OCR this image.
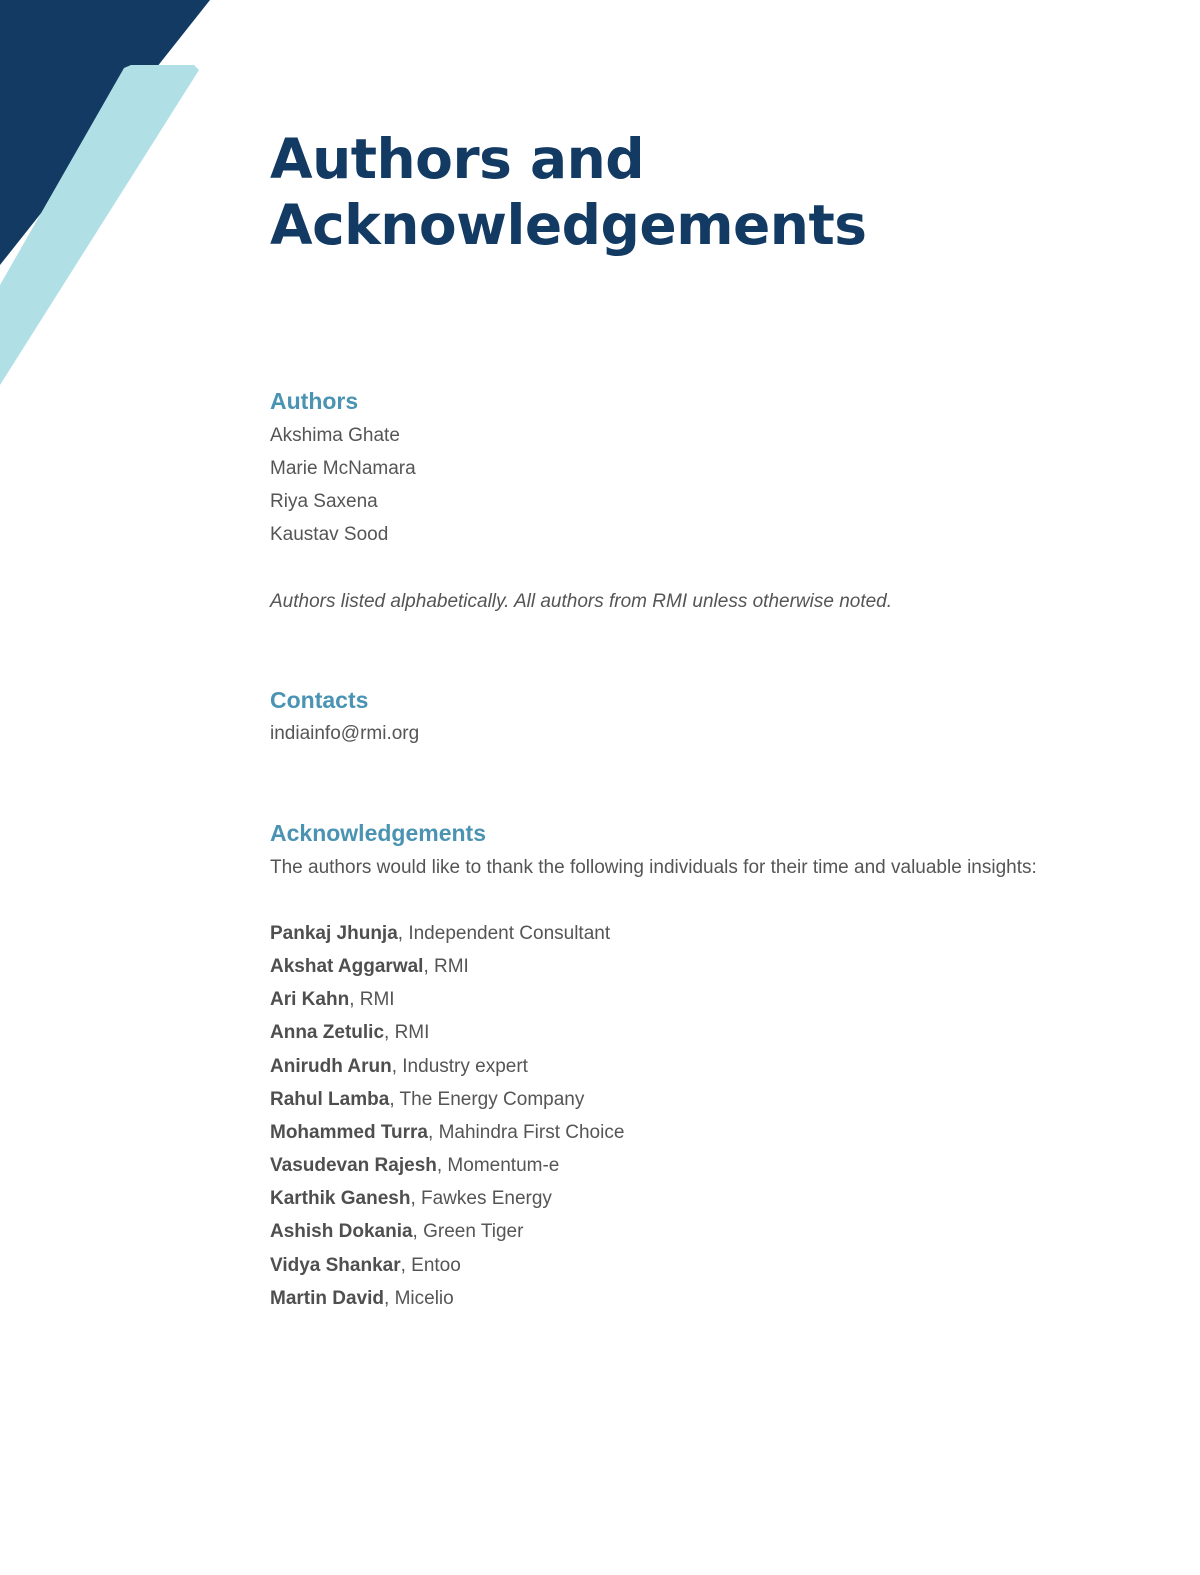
Authors and
Acknowledgements
Authors
Akshima Ghate
Marie McNamara
Riya Saxena
Kaustav Sood
Authors listed alphabetically. All authors from RMI unless otherwise noted.
Contacts
indiainfo@rmi.org
Acknowledgements
The authors would like to thank the following individuals for their time and valuable insights:
Pankaj Jhunja, Independent Consultant
Akshat Aggarwal, RMI
Ari Kahn, RMI
Anna Zetulic, RMI
Anirudh Arun, Industry expert
Rahul Lamba, The Energy Company
Mohammed Turra, Mahindra First Choice
Vasudevan Rajesh, Momentum-e
Karthik Ganesh, Fawkes Energy
Ashish Dokania, Green Tiger
Vidya Shankar, Entoo
Martin David, Micelio
